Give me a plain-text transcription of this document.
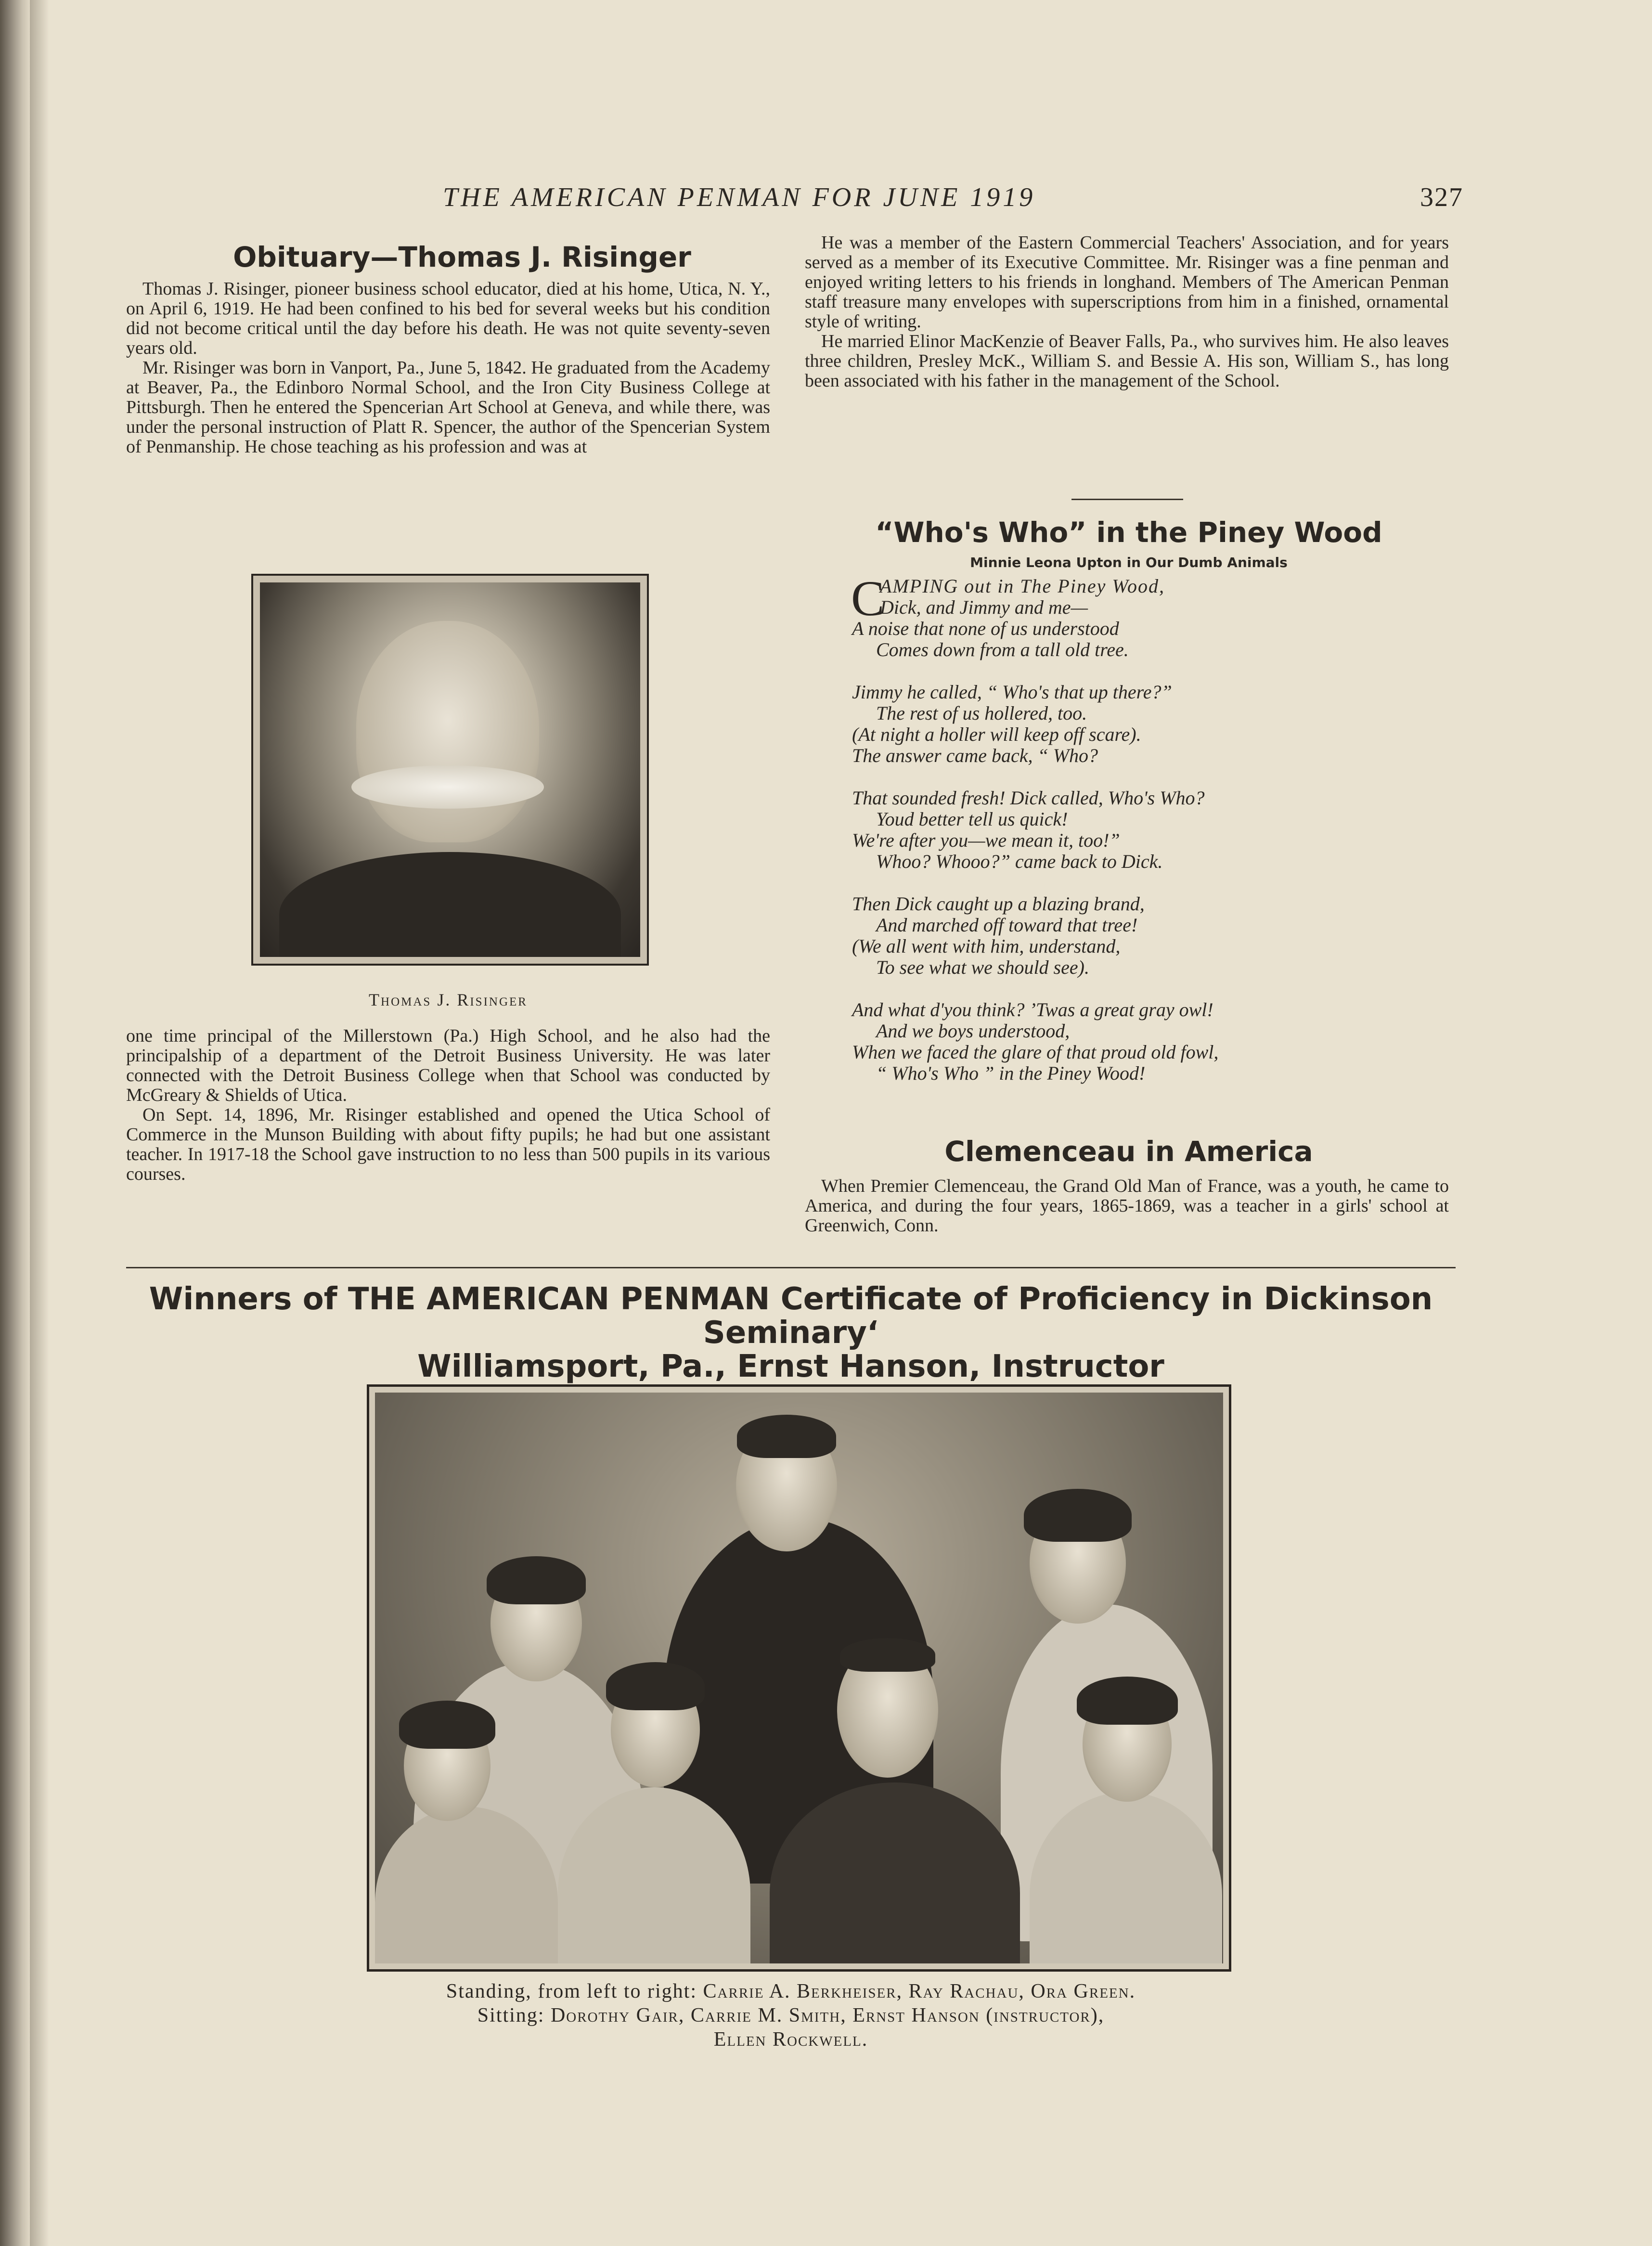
THE AMERICAN PENMAN FOR JUNE 1919	327
Obituary—Thomas J. Risinger

Thomas J. Risinger, pioneer business school educator, died at his home, Utica, N. Y., on April 6, 1919. He had been confined to his bed for several weeks but his condition did not become critical until the day before his death. He was not quite seventy-seven years old.

Mr. Risinger was born in Vanport, Pa., June 5, 1842. He graduated from the Academy at Beaver, Pa., the Edinboro Normal School, and the Iron City Business College at Pittsburgh. Then he entered the Spencerian Art School at Geneva, and while there, was under the personal instruction of Platt R. Spencer, the author of the Spencerian System of Penmanship. He chose teaching as his profession and was at

Thomas J. Risinger

one time principal of the Millerstown (Pa.) High School, and he also had the principalship of a department of the Detroit Business University. He was later connected with the Detroit Business College when that School was conducted by McGreary & Shields of Utica.

On Sept. 14, 1896, Mr. Risinger established and opened the Utica School of Commerce in the Munson Building with about fifty pupils; he had but one assistant teacher. In 1917-18 the School gave instruction to no less than 500 pupils in its various courses.

He was a member of the Eastern Commercial Teachers' Association, and for years served as a member of its Executive Committee. Mr. Risinger was a fine penman and enjoyed writing letters to his friends in longhand. Members of The American Penman staff treasure many envelopes with superscriptions from him in a finished, ornamental style of writing.

He married Elinor MacKenzie of Beaver Falls, Pa., who survives him. He also leaves three children, Presley McK., William S. and Bessie A. His son, William S., has long been associated with his father in the management of the School.

“Who's Who” in the Piney Wood
Minnie Leona Upton in Our Dumb Animals
C
AMPING out in The Piney Wood,
Dick, and Jimmy and me—
A noise that none of us understood
Comes down from a tall old tree.
Jimmy he called, “ Who's that up there?”
The rest of us hollered, too.
(At night a holler will keep off scare).
The answer came back, “ Who?
That sounded fresh! Dick called, Who's Who?
Youd better tell us quick!
We're after you—we mean it, too!”
Whoo? Whooo?” came back to Dick.
Then Dick caught up a blazing brand,
And marched off toward that tree!
(We all went with him, understand,
To see what we should see).
And what d'you think? ’Twas a great gray owl!
And we boys understood,
When we faced the glare of that proud old fowl,
“ Who's Who ” in the Piney Wood!
Clemenceau in America

When Premier Clemenceau, the Grand Old Man of France, was a youth, he came to America, and during the four years, 1865-1869, was a teacher in a girls' school at Greenwich, Conn.

Winners of THE AMERICAN PENMAN Certificate of Proficiency in Dickinson Seminary‘
Williamsport, Pa., Ernst Hanson, Instructor
Standing, from left to right: Carrie A. Berkheiser, Ray Rachau, Ora Green.
Sitting: Dorothy Gair, Carrie M. Smith, Ernst Hanson (instructor),
Ellen Rockwell.
